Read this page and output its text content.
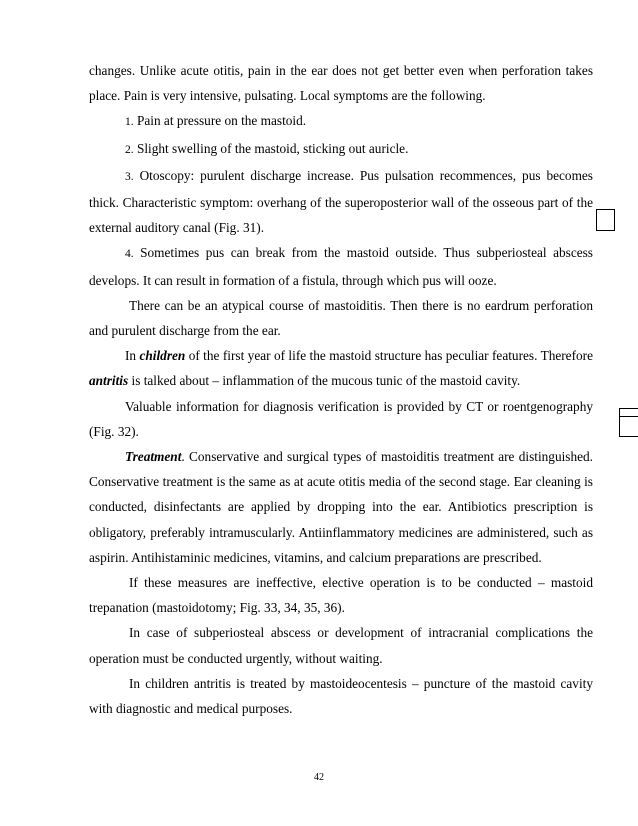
changes. Unlike acute otitis, pain in the ear does not get better even when perforation takes place. Pain is very intensive, pulsating. Local symptoms are the following.

1. Pain at pressure on the mastoid.

2. Slight swelling of the mastoid, sticking out auricle.

3. Otoscopy: purulent discharge increase. Pus pulsation recommences, pus becomes thick. Characteristic symptom: overhang of the superoposterior wall of the osseous part of the external auditory canal (Fig. 31).

4. Sometimes pus can break from the mastoid outside. Thus subperiosteal abscess develops. It can result in formation of a fistula, through which pus will ooze.

There can be an atypical course of mastoiditis. Then there is no eardrum perforation and purulent discharge from the ear.

In children of the first year of life the mastoid structure has peculiar features. Therefore antritis is talked about – inflammation of the mucous tunic of the mastoid cavity.

Valuable information for diagnosis verification is provided by CT or roentgenography (Fig. 32).

Treatment. Conservative and surgical types of mastoiditis treatment are distinguished. Conservative treatment is the same as at acute otitis media of the second stage. Ear cleaning is conducted, disinfectants are applied by dropping into the ear. Antibiotics prescription is obligatory, preferably intramuscularly. Antiinflammatory medicines are administered, such as aspirin. Antihistaminic medicines, vitamins, and calcium preparations are prescribed.

If these measures are ineffective, elective operation is to be conducted – mastoid trepanation (mastoidotomy; Fig. 33, 34, 35, 36).

In case of subperiosteal abscess or development of intracranial complications the operation must be conducted urgently, without waiting.

In children antritis is treated by mastoideocentesis – puncture of the mastoid cavity with diagnostic and medical purposes.

42
